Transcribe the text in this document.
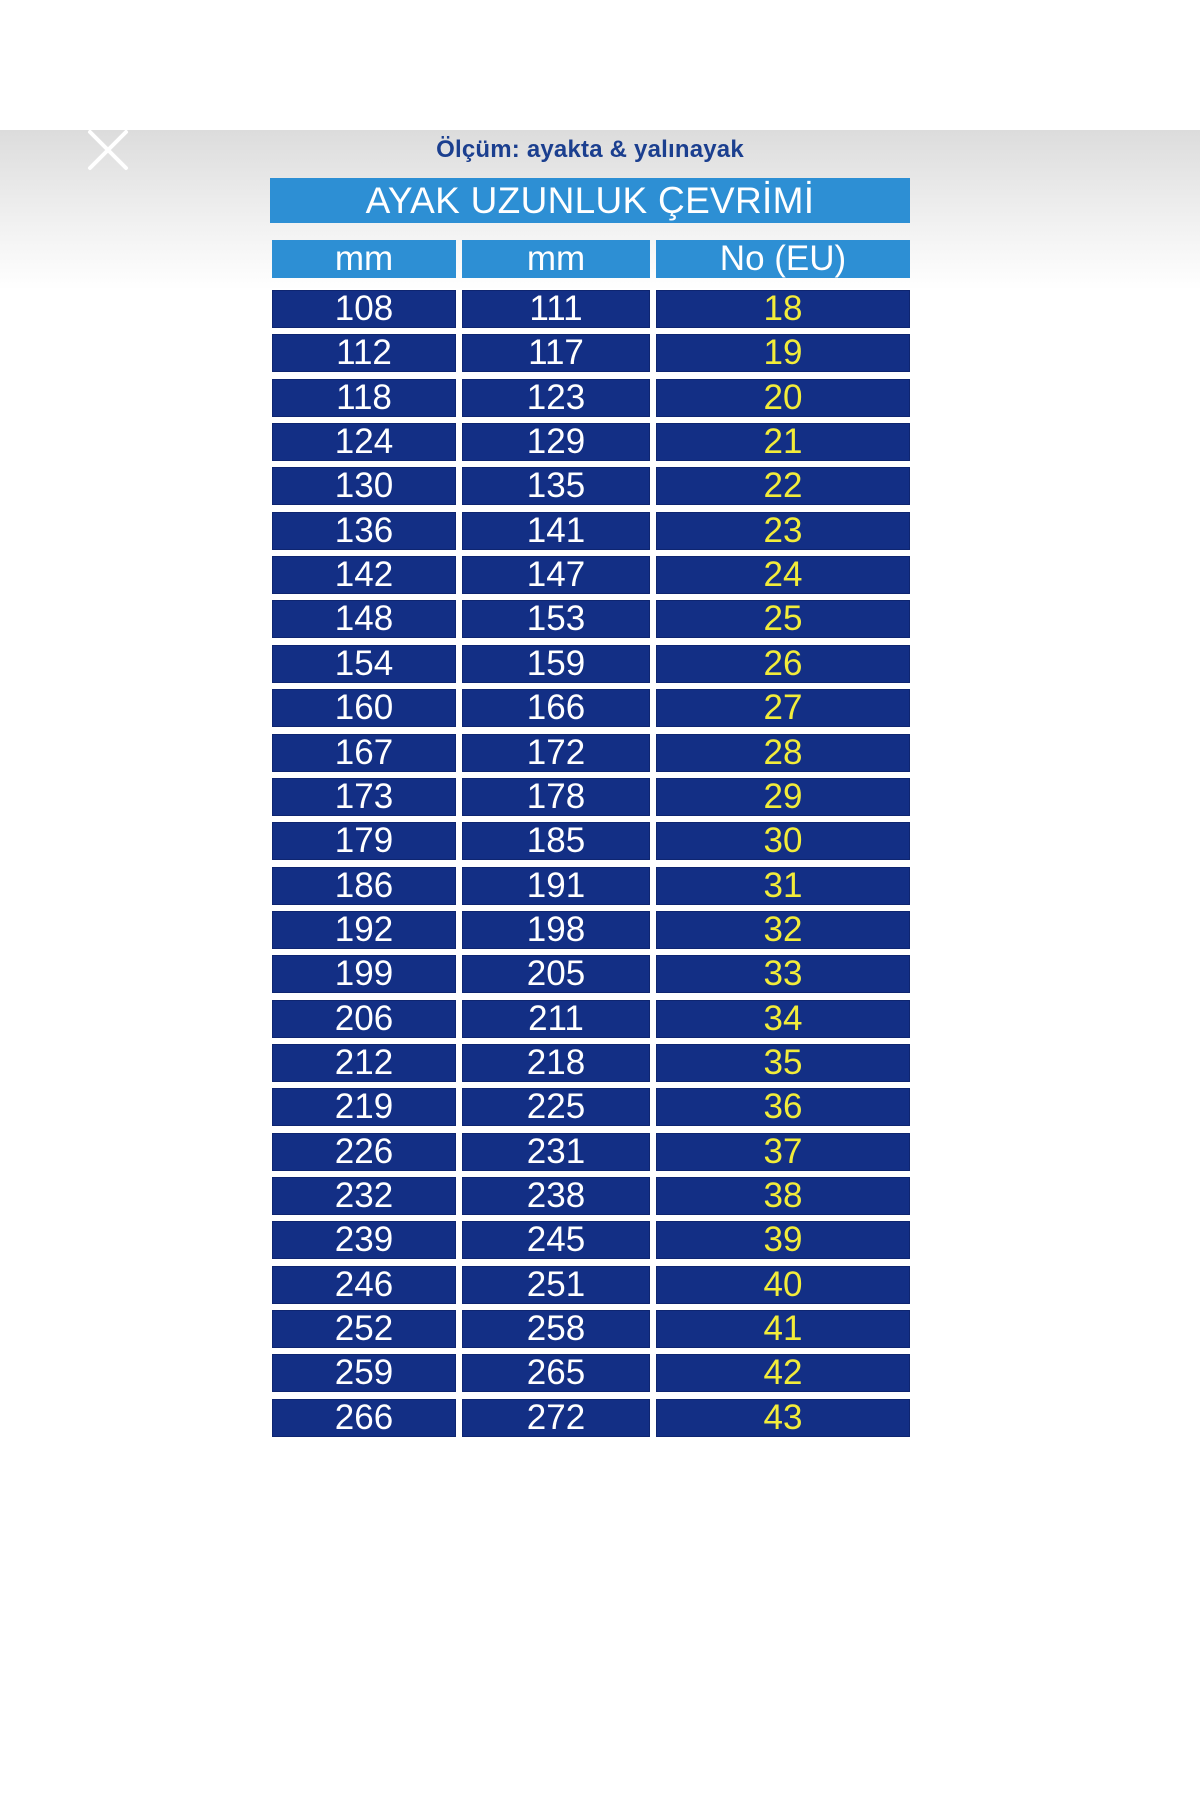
Ölçüm: ayakta & yalınayak
AYAK UZUNLUK ÇEVRİMİ
mm	mm	No (EU)
108	111	18
112	117	19
118	123	20
124	129	21
130	135	22
136	141	23
142	147	24
148	153	25
154	159	26
160	166	27
167	172	28
173	178	29
179	185	30
186	191	31
192	198	32
199	205	33
206	211	34
212	218	35
219	225	36
226	231	37
232	238	38
239	245	39
246	251	40
252	258	41
259	265	42
266	272	43
